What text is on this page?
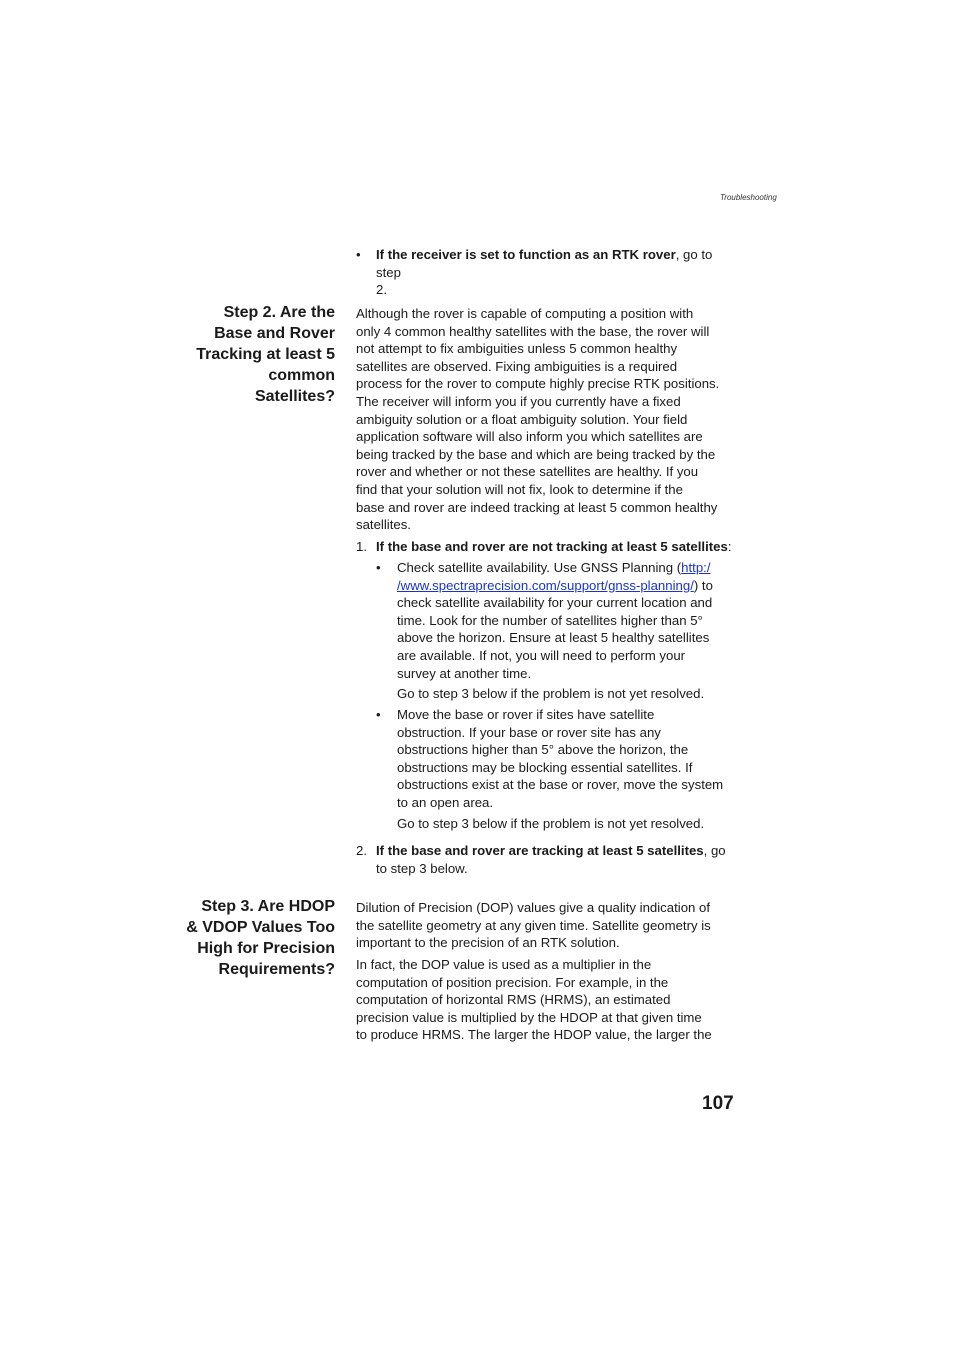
Troubleshooting
• If the receiver is set to function as an RTK rover, go to step
2.
Step 2. Are the
Base and Rover
Tracking at least 5
common
Satellites?
Although the rover is capable of computing a position with
only 4 common healthy satellites with the base, the rover will
not attempt to fix ambiguities unless 5 common healthy
satellites are observed. Fixing ambiguities is a required
process for the rover to compute highly precise RTK positions.
The receiver will inform you if you currently have a fixed
ambiguity solution or a float ambiguity solution. Your field
application software will also inform you which satellites are
being tracked by the base and which are being tracked by the
rover and whether or not these satellites are healthy. If you
find that your solution will not fix, look to determine if the
base and rover are indeed tracking at least 5 common healthy
satellites.
1. If the base and rover are not tracking at least 5 satellites:
• Check satellite availability. Use GNSS Planning (http:/
/www.spectraprecision.com/support/gnss-planning/) to
check satellite availability for your current location and
time. Look for the number of satellites higher than 5°
above the horizon. Ensure at least 5 healthy satellites
are available. If not, you will need to perform your
survey at another time.
Go to step 3 below if the problem is not yet resolved.
• Move the base or rover if sites have satellite
obstruction. If your base or rover site has any
obstructions higher than 5° above the horizon, the
obstructions may be blocking essential satellites. If
obstructions exist at the base or rover, move the system
to an open area.
Go to step 3 below if the problem is not yet resolved.
2. If the base and rover are tracking at least 5 satellites, go
to step 3 below.
Step 3. Are HDOP
& VDOP Values Too
High for Precision
Requirements?
Dilution of Precision (DOP) values give a quality indication of
the satellite geometry at any given time. Satellite geometry is
important to the precision of an RTK solution.
In fact, the DOP value is used as a multiplier in the
computation of position precision. For example, in the
computation of horizontal RMS (HRMS), an estimated
precision value is multiplied by the HDOP at that given time
to produce HRMS. The larger the HDOP value, the larger the
107
